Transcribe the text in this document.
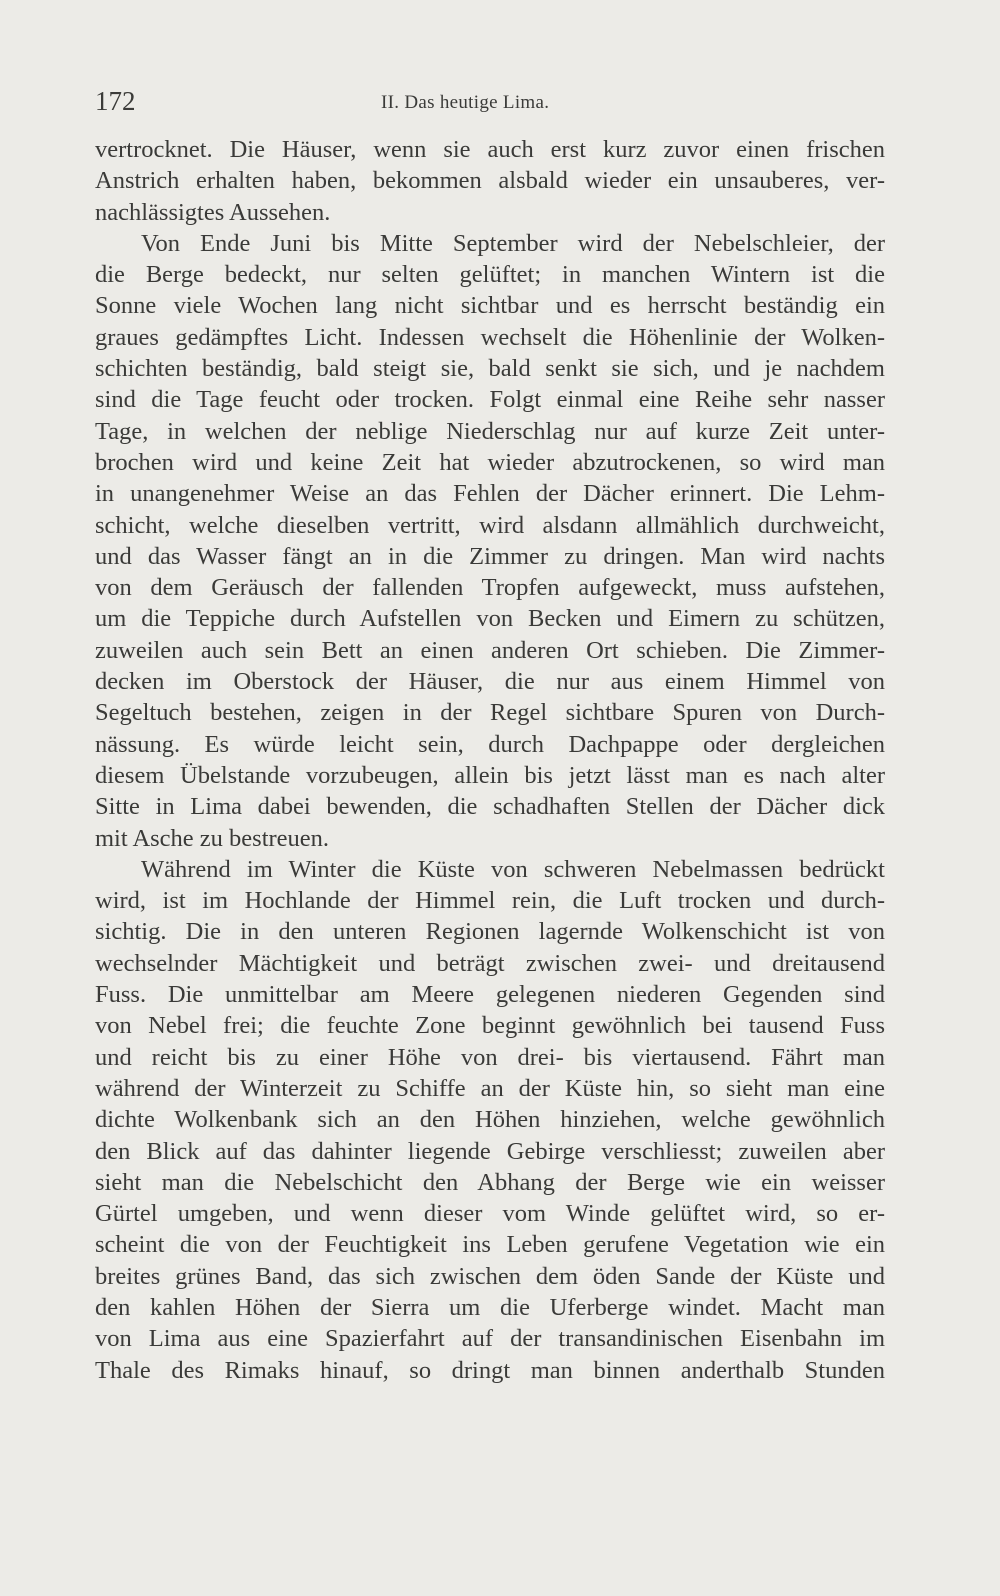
172	II. Das heutige Lima.
vertrocknet. Die Häuser, wenn sie auch erst kurz zuvor einen frischen
Anstrich erhalten haben, bekommen alsbald wieder ein unsauberes, ver-
nachlässigtes Aussehen.
Von Ende Juni bis Mitte September wird der Nebelschleier, der
die Berge bedeckt, nur selten gelüftet; in manchen Wintern ist die
Sonne viele Wochen lang nicht sichtbar und es herrscht beständig ein
graues gedämpftes Licht. Indessen wechselt die Höhenlinie der Wolken-
schichten beständig, bald steigt sie, bald senkt sie sich, und je nachdem
sind die Tage feucht oder trocken. Folgt einmal eine Reihe sehr nasser
Tage, in welchen der neblige Niederschlag nur auf kurze Zeit unter-
brochen wird und keine Zeit hat wieder abzutrockenen, so wird man
in unangenehmer Weise an das Fehlen der Dächer erinnert. Die Lehm-
schicht, welche dieselben vertritt, wird alsdann allmählich durchweicht,
und das Wasser fängt an in die Zimmer zu dringen. Man wird nachts
von dem Geräusch der fallenden Tropfen aufgeweckt, muss aufstehen,
um die Teppiche durch Aufstellen von Becken und Eimern zu schützen,
zuweilen auch sein Bett an einen anderen Ort schieben. Die Zimmer-
decken im Oberstock der Häuser, die nur aus einem Himmel von
Segeltuch bestehen, zeigen in der Regel sichtbare Spuren von Durch-
nässung. Es würde leicht sein, durch Dachpappe oder dergleichen
diesem Übelstande vorzubeugen, allein bis jetzt lässt man es nach alter
Sitte in Lima dabei bewenden, die schadhaften Stellen der Dächer dick
mit Asche zu bestreuen.
Während im Winter die Küste von schweren Nebelmassen bedrückt
wird, ist im Hochlande der Himmel rein, die Luft trocken und durch-
sichtig. Die in den unteren Regionen lagernde Wolkenschicht ist von
wechselnder Mächtigkeit und beträgt zwischen zwei- und dreitausend
Fuss. Die unmittelbar am Meere gelegenen niederen Gegenden sind
von Nebel frei; die feuchte Zone beginnt gewöhnlich bei tausend Fuss
und reicht bis zu einer Höhe von drei- bis viertausend. Fährt man
während der Winterzeit zu Schiffe an der Küste hin, so sieht man eine
dichte Wolkenbank sich an den Höhen hinziehen, welche gewöhnlich
den Blick auf das dahinter liegende Gebirge verschliesst; zuweilen aber
sieht man die Nebelschicht den Abhang der Berge wie ein weisser
Gürtel umgeben, und wenn dieser vom Winde gelüftet wird, so er-
scheint die von der Feuchtigkeit ins Leben gerufene Vegetation wie ein
breites grünes Band, das sich zwischen dem öden Sande der Küste und
den kahlen Höhen der Sierra um die Uferberge windet. Macht man
von Lima aus eine Spazierfahrt auf der transandinischen Eisenbahn im
Thale des Rimaks hinauf, so dringt man binnen anderthalb Stunden
